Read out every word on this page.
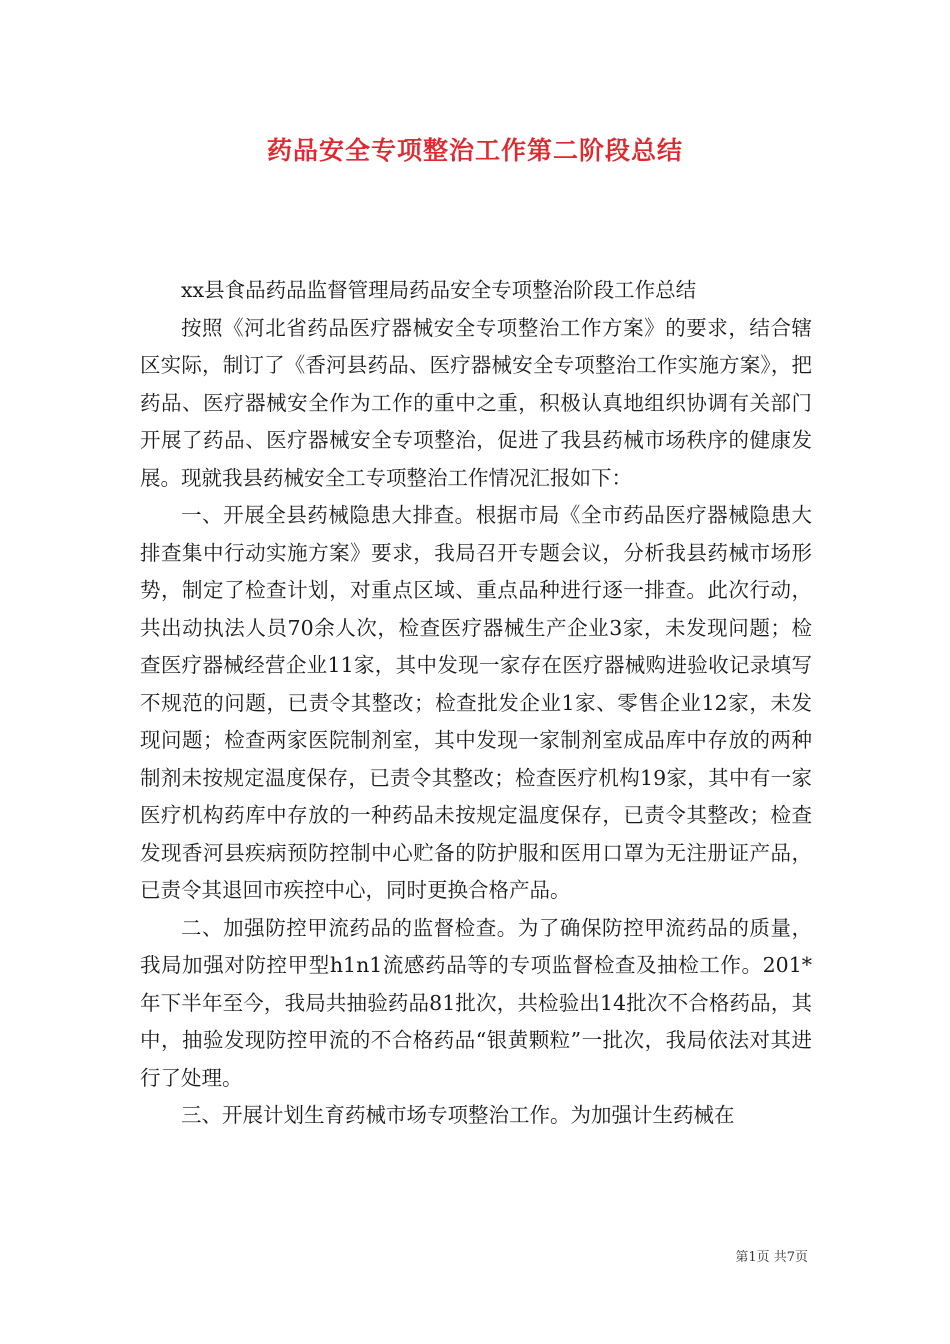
药品安全专项整治工作第二阶段总结

xx县食品药品监督管理局药品安全专项整治阶段工作总结

按照《河北省药品医疗器械安全专项整治工作方案》的要求，结合辖区实际，制订了《香河县药品、医疗器械安全专项整治工作实施方案》，把药品、医疗器械安全作为工作的重中之重，积极认真地组织协调有关部门开展了药品、医疗器械安全专项整治，促进了我县药械市场秩序的健康发展。现就我县药械安全工专项整治工作情况汇报如下：

一、开展全县药械隐患大排查。根据市局《全市药品医疗器械隐患大排查集中行动实施方案》要求，我局召开专题会议，分析我县药械市场形势，制定了检查计划，对重点区域、重点品种进行逐一排查。此次行动，共出动执法人员70余人次，检查医疗器械生产企业3家，未发现问题；检查医疗器械经营企业11家，其中发现一家存在医疗器械购进验收记录填写不规范的问题，已责令其整改；检查批发企业1家、零售企业12家，未发现问题；检查两家医院制剂室，其中发现一家制剂室成品库中存放的两种制剂未按规定温度保存，已责令其整改；检查医疗机构19家，其中有一家医疗机构药库中存放的一种药品未按规定温度保存，已责令其整改；检查发现香河县疾病预防控制中心贮备的防护服和医用口罩为无注册证产品，已责令其退回市疾控中心，同时更换合格产品。

二、加强防控甲流药品的监督检查。为了确保防控甲流药品的质量，我局加强对防控甲型h1n1流感药品等的专项监督检查及抽检工作。201*年下半年至今，我局共抽验药品81批次，共检验出14批次不合格药品，其中，抽验发现防控甲流的不合格药品“银黄颗粒”一批次，我局依法对其进行了处理。

三、开展计划生育药械市场专项整治工作。为加强计生药械在

第1页 共7页
